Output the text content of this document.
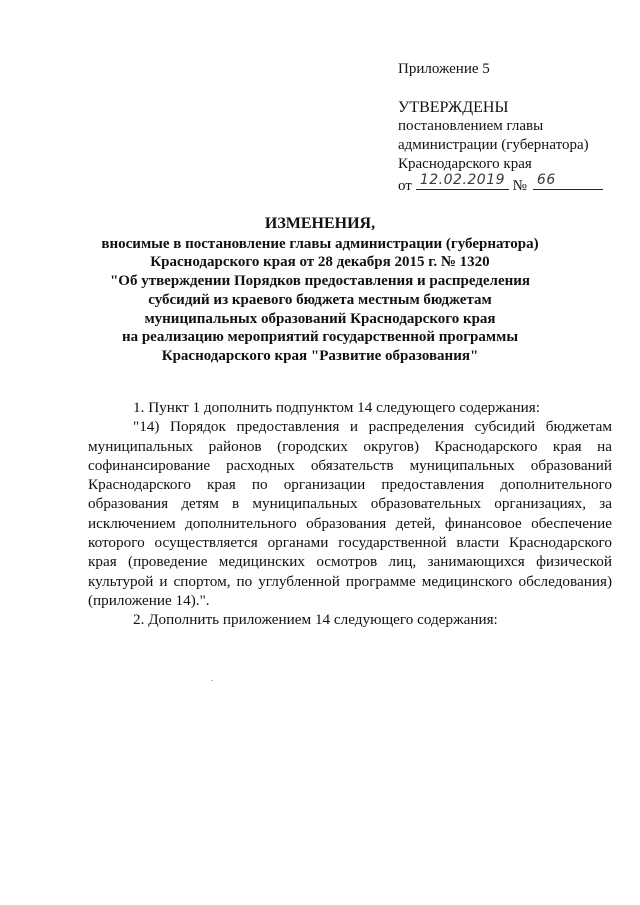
Приложение 5

УТВЕРЖДЕНЫ

постановлением главы

администрации (губернатора)

Краснодарского края

от 12.02.2019 № 66

ИЗМЕНЕНИЯ,

вносимые в постановление главы администрации (губернатора)

Краснодарского края от 28 декабря 2015 г. № 1320

"Об утверждении Порядков предоставления и распределения

субсидий из краевого бюджета местным бюджетам

муниципальных образований Краснодарского края

на реализацию мероприятий государственной программы

Краснодарского края "Развитие образования"

1. Пункт 1 дополнить подпунктом 14 следующего содержания:

"14) Порядок предоставления и распределения субсидий бюджетам

муниципальных районов (городских округов) Краснодарского края на

софинансирование расходных обязательств муниципальных образований

Краснодарского края по организации предоставления дополнительного

образования детям в муниципальных образовательных организациях, за

исключением дополнительного образования детей, финансовое обеспечение

которого осуществляется органами государственной власти Краснодарского

края (проведение медицинских осмотров лиц, занимающихся физической

культурой и спортом, по углубленной программе медицинского обследования)

(приложение 14).".

2. Дополнить приложением 14 следующего содержания:
